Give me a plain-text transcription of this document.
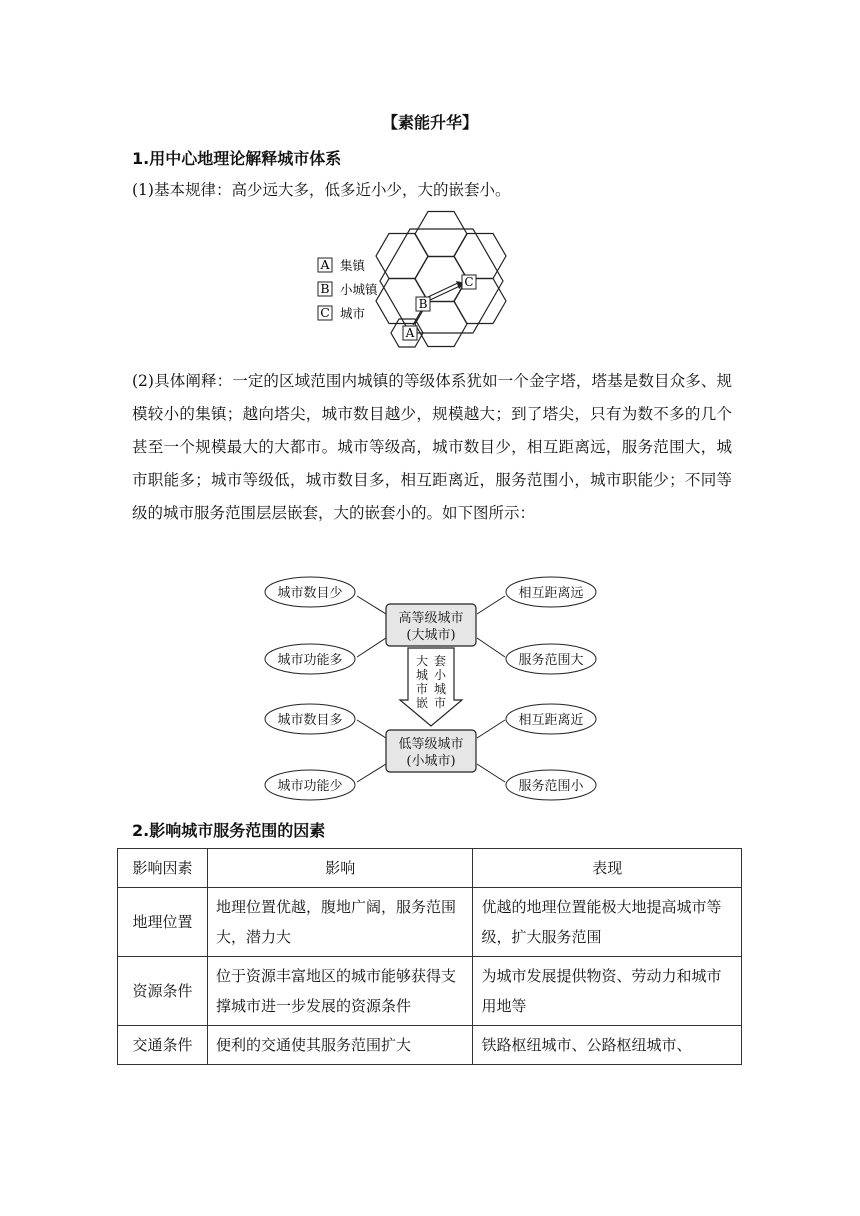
【素能升华】
1.用中心地理论解释城市体系

(1)基本规律：高少远大多，低多近小少，大的嵌套小。

A
B
C
A 集镇
B 小城镇
C 城市

(2)具体阐释：一定的区域范围内城镇的等级体系犹如一个金字塔，塔基是数目众多、规模较小的集镇；越向塔尖，城市数目越少，规模越大；到了塔尖，只有为数不多的几个甚至一个规模最大的大都市。城市等级高，城市数目少，相互距离远，服务范围大，城市职能多；城市等级低，城市数目多，相互距离近，服务范围小，城市职能少；不同等级的城市服务范围层层嵌套，大的嵌套小的。如下图所示：

高等级城市
(大城市)
低等级城市
(小城市)
大 套
城 小
市 城
嵌 市
城市数目少
城市功能多
相互距离远
服务范围大
城市数目多
城市功能少
相互距离近
服务范围小
2.影响城市服务范围的因素
影响因素	影响	表现
地理位置	地理位置优越，腹地广阔，服务范围大，潜力大	优越的地理位置能极大地提高城市等级，扩大服务范围
资源条件	位于资源丰富地区的城市能够获得支撑城市进一步发展的资源条件	为城市发展提供物资、劳动力和城市用地等
交通条件	便利的交通使其服务范围扩大	铁路枢纽城市、公路枢纽城市、
